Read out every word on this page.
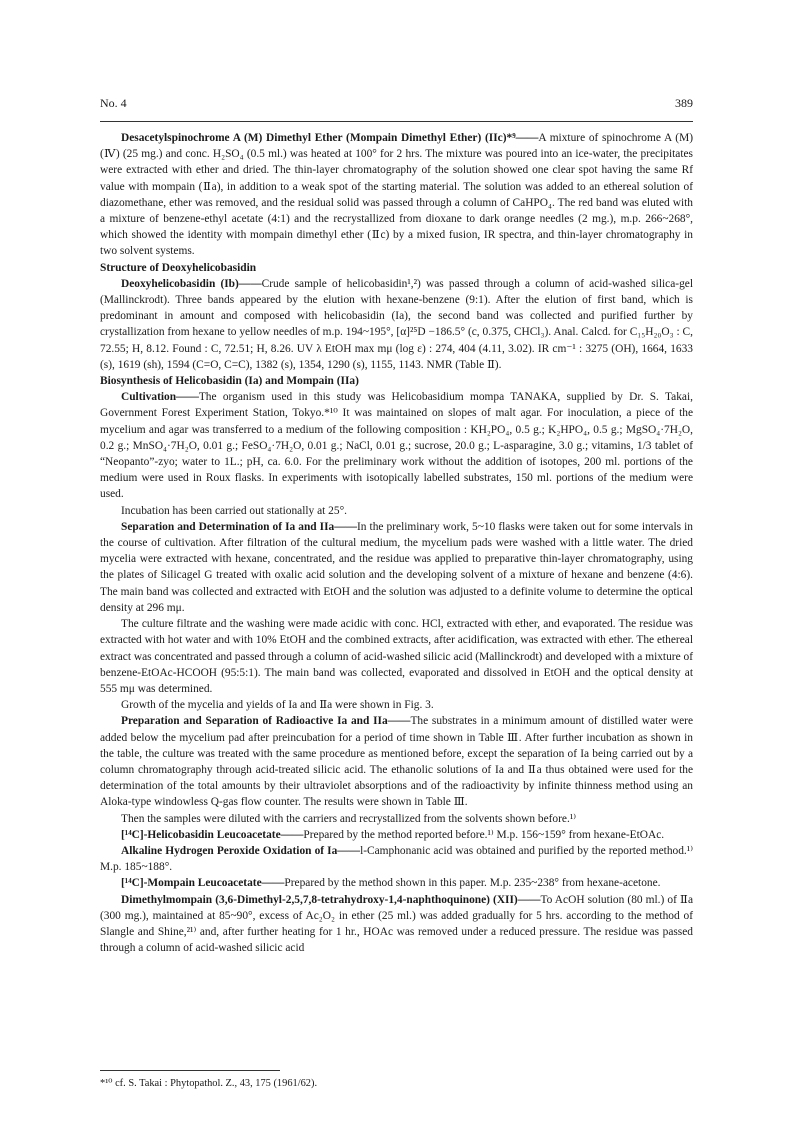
No. 4	389

Desacetylspinochrome A (M) Dimethyl Ether (Mompain Dimethyl Ether) (IIc)*⁹——A mixture of spinochrome A (M) (Ⅳ) (25 mg.) and conc. H₂SO₄ (0.5 ml.) was heated at 100° for 2 hrs. The mixture was poured into an ice-water, the precipitates were extracted with ether and dried. The thin-layer chromatography of the solution showed one clear spot having the same Rf value with mompain (Ⅱa), in addition to a weak spot of the starting material. The solution was added to an ethereal solution of diazomethane, ether was removed, and the residual solid was passed through a column of CaHPO₄. The red band was eluted with a mixture of benzene-ethyl acetate (4:1) and the recrystallized from dioxane to dark orange needles (2 mg.), m.p. 266~268°, which showed the identity with mompain dimethyl ether (Ⅱc) by a mixed fusion, IR spectra, and thin-layer chromatography in two solvent systems.

Structure of Deoxyhelicobasidin

Deoxyhelicobasidin (Ib)——Crude sample of helicobasidin¹,²) was passed through a column of acid-washed silica-gel (Mallinckrodt). Three bands appeared by the elution with hexane-benzene (9:1). After the elution of first band, which is predominant in amount and composed with helicobasidin (Ia), the second band was collected and purified further by crystallization from hexane to yellow needles of m.p. 194~195°, [α]²⁵D −186.5° (c, 0.375, CHCl₃). Anal. Calcd. for C₁₅H₂₀O₃ : C, 72.55; H, 8.12. Found : C, 72.51; H, 8.26. UV λ EtOH max mμ (log ε) : 274, 404 (4.11, 3.02). IR cm⁻¹ : 3275 (OH), 1664, 1633 (s), 1619 (sh), 1594 (C=O, C=C), 1382 (s), 1354, 1290 (s), 1155, 1143. NMR (Table Ⅱ).

Biosynthesis of Helicobasidin (Ia) and Mompain (IIa)

Cultivation——The organism used in this study was Helicobasidium mompa TANAKA, supplied by Dr. S. Takai, Government Forest Experiment Station, Tokyo.*¹⁰ It was maintained on slopes of malt agar. For inoculation, a piece of the mycelium and agar was transferred to a medium of the following composition : KH₂PO₄, 0.5 g.; K₂HPO₄, 0.5 g.; MgSO₄·7H₂O, 0.2 g.; MnSO₄·7H₂O, 0.01 g.; FeSO₄·7H₂O, 0.01 g.; NaCl, 0.01 g.; sucrose, 20.0 g.; L-asparagine, 3.0 g.; vitamins, 1/3 tablet of “Neopanto”-zyo; water to 1L.; pH, ca. 6.0. For the preliminary work without the addition of isotopes, 200 ml. portions of the medium were used in Roux flasks. In experiments with isotopically labelled substrates, 150 ml. portions of the medium were used.

Incubation has been carried out stationally at 25°.

Separation and Determination of Ia and IIa——In the preliminary work, 5~10 flasks were taken out for some intervals in the course of cultivation. After filtration of the cultural medium, the mycelium pads were washed with a little water. The dried mycelia were extracted with hexane, concentrated, and the residue was applied to preparative thin-layer chromatography, using the plates of Silicagel G treated with oxalic acid solution and the developing solvent of a mixture of hexane and benzene (4:6). The main band was collected and extracted with EtOH and the solution was adjusted to a definite volume to determine the optical density at 296 mμ.

The culture filtrate and the washing were made acidic with conc. HCl, extracted with ether, and evaporated. The residue was extracted with hot water and with 10% EtOH and the combined extracts, after acidification, was extracted with ether. The ethereal extract was concentrated and passed through a column of acid-washed silicic acid (Mallinckrodt) and developed with a mixture of benzene-EtOAc-HCOOH (95:5:1). The main band was collected, evaporated and dissolved in EtOH and the optical density at 555 mμ was determined.

Growth of the mycelia and yields of Ia and Ⅱa were shown in Fig. 3.

Preparation and Separation of Radioactive Ia and IIa——The substrates in a minimum amount of distilled water were added below the mycelium pad after preincubation for a period of time shown in Table Ⅲ. After further incubation as shown in the table, the culture was treated with the same procedure as mentioned before, except the separation of Ia being carried out by a column chromatography through acid-treated silicic acid. The ethanolic solutions of Ia and Ⅱa thus obtained were used for the determination of the total amounts by their ultraviolet absorptions and of the radioactivity by infinite thinness method using an Aloka-type windowless Q-gas flow counter. The results were shown in Table Ⅲ.

Then the samples were diluted with the carriers and recrystallized from the solvents shown before.¹⁾

[¹⁴C]-Helicobasidin Leucoacetate——Prepared by the method reported before.¹⁾ M.p. 156~159° from hexane-EtOAc.

Alkaline Hydrogen Peroxide Oxidation of Ia——l-Camphonanic acid was obtained and purified by the reported method.¹⁾ M.p. 185~188°.

[¹⁴C]-Mompain Leucoacetate——Prepared by the method shown in this paper. M.p. 235~238° from hexane-acetone.

Dimethylmompain (3,6-Dimethyl-2,5,7,8-tetrahydroxy-1,4-naphthoquinone) (XII)——To AcOH solution (80 ml.) of Ⅱa (300 mg.), maintained at 85~90°, excess of Ac₂O₂ in ether (25 ml.) was added gradually for 5 hrs. according to the method of Slangle and Shine,²¹⁾ and, after further heating for 1 hr., HOAc was removed under a reduced pressure. The residue was passed through a column of acid-washed silicic acid

*¹⁰ cf. S. Takai : Phytopathol. Z., 43, 175 (1961/62).
